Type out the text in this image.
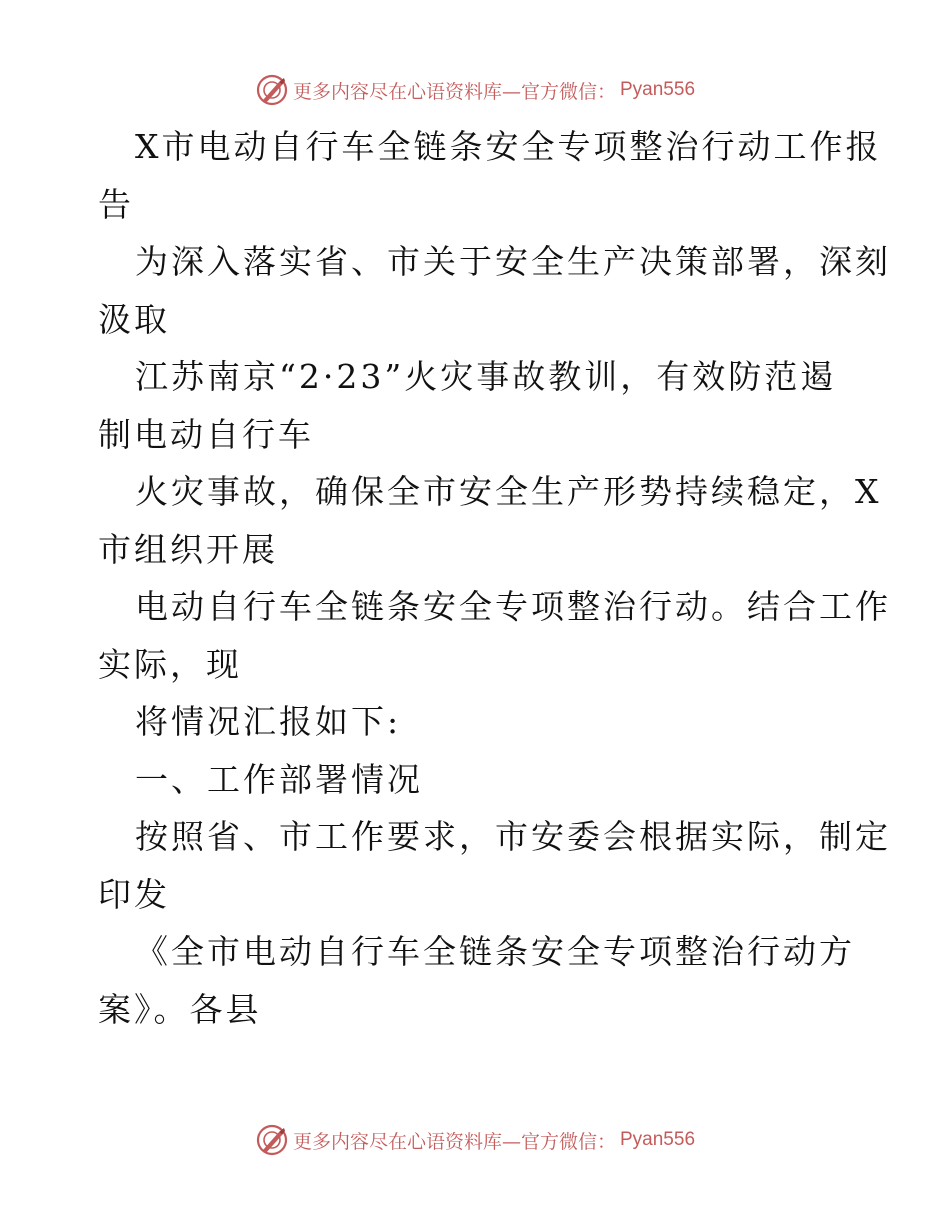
更多内容尽在心语资料库—官方微信： Pyan556
X市电动自行车全链条安全专项整治行动工作报
告
为深入落实省、市关于安全生产决策部署，深刻
汲取
江苏南京“2·23”火灾事故教训，有效防范遏
制电动自行车
火灾事故，确保全市安全生产形势持续稳定，X
市组织开展
电动自行车全链条安全专项整治行动。结合工作
实际，现
将情况汇报如下:
一、工作部署情况
按照省、市工作要求，市安委会根据实际，制定
印发
《全市电动自行车全链条安全专项整治行动方
案》。各县
更多内容尽在心语资料库—官方微信： Pyan556
